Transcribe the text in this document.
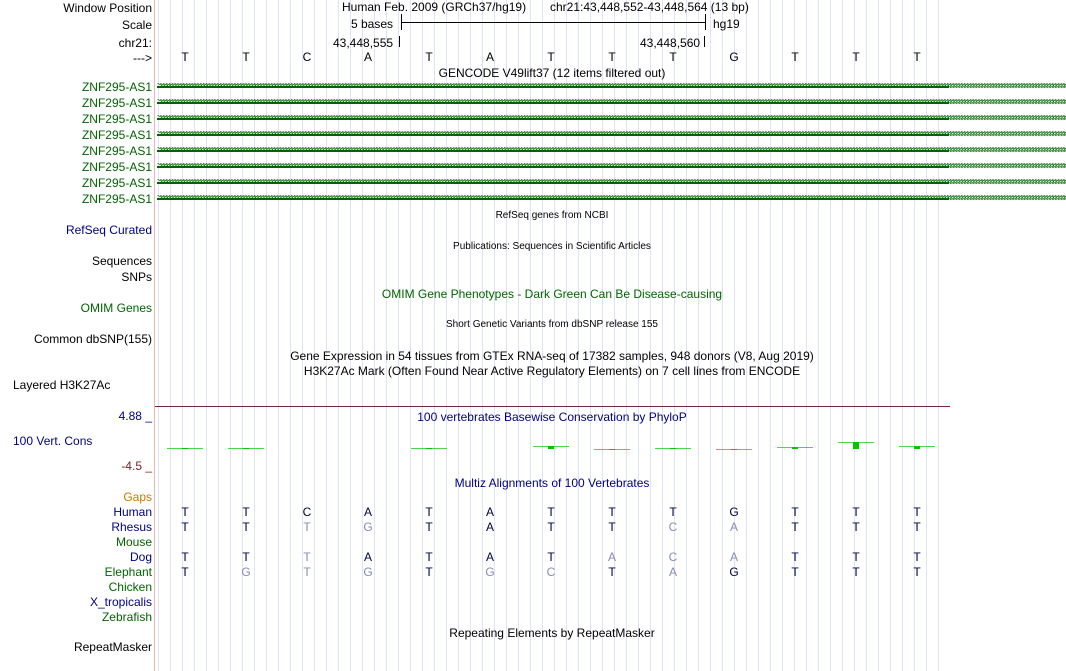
Window Position
Scale
chr21:
--->
ZNF295-AS1
ZNF295-AS1
ZNF295-AS1
ZNF295-AS1
ZNF295-AS1
ZNF295-AS1
ZNF295-AS1
ZNF295-AS1
RefSeq Curated
Sequences
SNPs
OMIM Genes
Common dbSNP(155)
Layered H3K27Ac
4.88 _
100 Vert. Cons
-4.5 _
Gaps
Human
Rhesus
Mouse
Dog
Elephant
Chicken
X_tropicalis
Zebrafish
RepeatMasker
Human Feb. 2009 (GRCh37/hg19) chr21:43,448,552-43,448,564 (13 bp)
5 bases	hg19
43,448,555	43,448,560
T	T	C	A	T	A	T	T	T	G	T	T	T
GENCODE V49lift37 (12 items filtered out)
>>>>>>>>>>>>>>>>>>>>>>>>>>>>>>>>>>>>>>>>>>>>>>>>>>>>>>>>>>>>>>>>>>>>>>>>>>>>>>>>>>>>>>>>>>>>>>>>>>>>>>>>>>>>>>>>>>>>>>>>>>>>>>>>>>>>>>>>>>>>>>>>>>>>>>>>>>>>>>>>>>>>>>>>>>>>>>>>>>>>>>>>>>>>>>>>>>>>>>>>>>>>>>>>>>>>>>>>>>>>>>>>>>>>>>>>>>>>>>>>>>>>>>>>>>>>>>>>>>>>>>>>>>>>>>>>>>>>>>>>>>>>>>>>>>>>>>>>>>>>>>>>>>>>>>>>>>>>>>>>
>>>>>>>>>>>>>>>>>>>>>>>>>>>>>>>>>>>>>>>>>>>>>>>>>>>>>>>>>>>>>>>>>>>>>>>>>>>>>>>>>>>>>>>>>>>>>>>>>>>>>>>>>>>>>>>>>>>>>>>>>>>>>>>>>>>>>>>>>>>>>>>>>>>>>>>>>>>>>>>>>>>>>>>>>>>>>>>>>>>>>>>>>>>>>>>>>>>>>>>>>>>>>>>>>>>>>>>>>>>>>>>>>>>>>>>>>>>>>>>>>>>>>>>>>>>>>>>>>>>>>>>>>>>>>>>>>>>>>>>>>>>>>>>>>>>>>>>>>>>>>>>>>>>>>>>>>>>>>>>>
>>>>>>>>>>>>>>>>>>>>>>>>>>>>>>>>>>>>>>>>>>>>>>>>>>>>>>>>>>>>>>>>>>>>>>>>>>>>>>>>>>>>>>>>>>>>>>>>>>>>>>>>>>>>>>>>>>>>>>>>>>>>>>>>>>>>>>>>>>>>>>>>>>>>>>>>>>>>>>>>>>>>>>>>>>>>>>>>>>>>>>>>>>>>>>>>>>>>>>>>>>>>>>>>>>>>>>>>>>>>>>>>>>>>>>>>>>>>>>>>>>>>>>>>>>>>>>>>>>>>>>>>>>>>>>>>>>>>>>>>>>>>>>>>>>>>>>>>>>>>>>>>>>>>>>>>>>>>>>>>
>>>>>>>>>>>>>>>>>>>>>>>>>>>>>>>>>>>>>>>>>>>>>>>>>>>>>>>>>>>>>>>>>>>>>>>>>>>>>>>>>>>>>>>>>>>>>>>>>>>>>>>>>>>>>>>>>>>>>>>>>>>>>>>>>>>>>>>>>>>>>>>>>>>>>>>>>>>>>>>>>>>>>>>>>>>>>>>>>>>>>>>>>>>>>>>>>>>>>>>>>>>>>>>>>>>>>>>>>>>>>>>>>>>>>>>>>>>>>>>>>>>>>>>>>>>>>>>>>>>>>>>>>>>>>>>>>>>>>>>>>>>>>>>>>>>>>>>>>>>>>>>>>>>>>>>>>>>>>>>>
>>>>>>>>>>>>>>>>>>>>>>>>>>>>>>>>>>>>>>>>>>>>>>>>>>>>>>>>>>>>>>>>>>>>>>>>>>>>>>>>>>>>>>>>>>>>>>>>>>>>>>>>>>>>>>>>>>>>>>>>>>>>>>>>>>>>>>>>>>>>>>>>>>>>>>>>>>>>>>>>>>>>>>>>>>>>>>>>>>>>>>>>>>>>>>>>>>>>>>>>>>>>>>>>>>>>>>>>>>>>>>>>>>>>>>>>>>>>>>>>>>>>>>>>>>>>>>>>>>>>>>>>>>>>>>>>>>>>>>>>>>>>>>>>>>>>>>>>>>>>>>>>>>>>>>>>>>>>>>>>
>>>>>>>>>>>>>>>>>>>>>>>>>>>>>>>>>>>>>>>>>>>>>>>>>>>>>>>>>>>>>>>>>>>>>>>>>>>>>>>>>>>>>>>>>>>>>>>>>>>>>>>>>>>>>>>>>>>>>>>>>>>>>>>>>>>>>>>>>>>>>>>>>>>>>>>>>>>>>>>>>>>>>>>>>>>>>>>>>>>>>>>>>>>>>>>>>>>>>>>>>>>>>>>>>>>>>>>>>>>>>>>>>>>>>>>>>>>>>>>>>>>>>>>>>>>>>>>>>>>>>>>>>>>>>>>>>>>>>>>>>>>>>>>>>>>>>>>>>>>>>>>>>>>>>>>>>>>>>>>>
>>>>>>>>>>>>>>>>>>>>>>>>>>>>>>>>>>>>>>>>>>>>>>>>>>>>>>>>>>>>>>>>>>>>>>>>>>>>>>>>>>>>>>>>>>>>>>>>>>>>>>>>>>>>>>>>>>>>>>>>>>>>>>>>>>>>>>>>>>>>>>>>>>>>>>>>>>>>>>>>>>>>>>>>>>>>>>>>>>>>>>>>>>>>>>>>>>>>>>>>>>>>>>>>>>>>>>>>>>>>>>>>>>>>>>>>>>>>>>>>>>>>>>>>>>>>>>>>>>>>>>>>>>>>>>>>>>>>>>>>>>>>>>>>>>>>>>>>>>>>>>>>>>>>>>>>>>>>>>>>
>>>>>>>>>>>>>>>>>>>>>>>>>>>>>>>>>>>>>>>>>>>>>>>>>>>>>>>>>>>>>>>>>>>>>>>>>>>>>>>>>>>>>>>>>>>>>>>>>>>>>>>>>>>>>>>>>>>>>>>>>>>>>>>>>>>>>>>>>>>>>>>>>>>>>>>>>>>>>>>>>>>>>>>>>>>>>>>>>>>>>>>>>>>>>>>>>>>>>>>>>>>>>>>>>>>>>>>>>>>>>>>>>>>>>>>>>>>>>>>>>>>>>>>>>>>>>>>>>>>>>>>>>>>>>>>>>>>>>>>>>>>>>>>>>>>>>>>>>>>>>>>>>>>>>>>>>>>>>>>>
RefSeq genes from NCBI
Publications: Sequences in Scientific Articles
OMIM Gene Phenotypes - Dark Green Can Be Disease-causing
Short Genetic Variants from dbSNP release 155
Gene Expression in 54 tissues from GTEx RNA-seq of 17382 samples, 948 donors (V8, Aug 2019)
H3K27Ac Mark (Often Found Near Active Regulatory Elements) on 7 cell lines from ENCODE
100 vertebrates Basewise Conservation by PhyloP
Multiz Alignments of 100 Vertebrates
T	T	C	A	T	A	T	T	T	G	T	T	T
T	T	T	G	T	A	T	T	C	A	T	T	T
T	T	T	A	T	A	T	A	C	A	T	T	T
T	G	T	G	T	G	C	T	A	G	T	T	T
Repeating Elements by RepeatMasker
